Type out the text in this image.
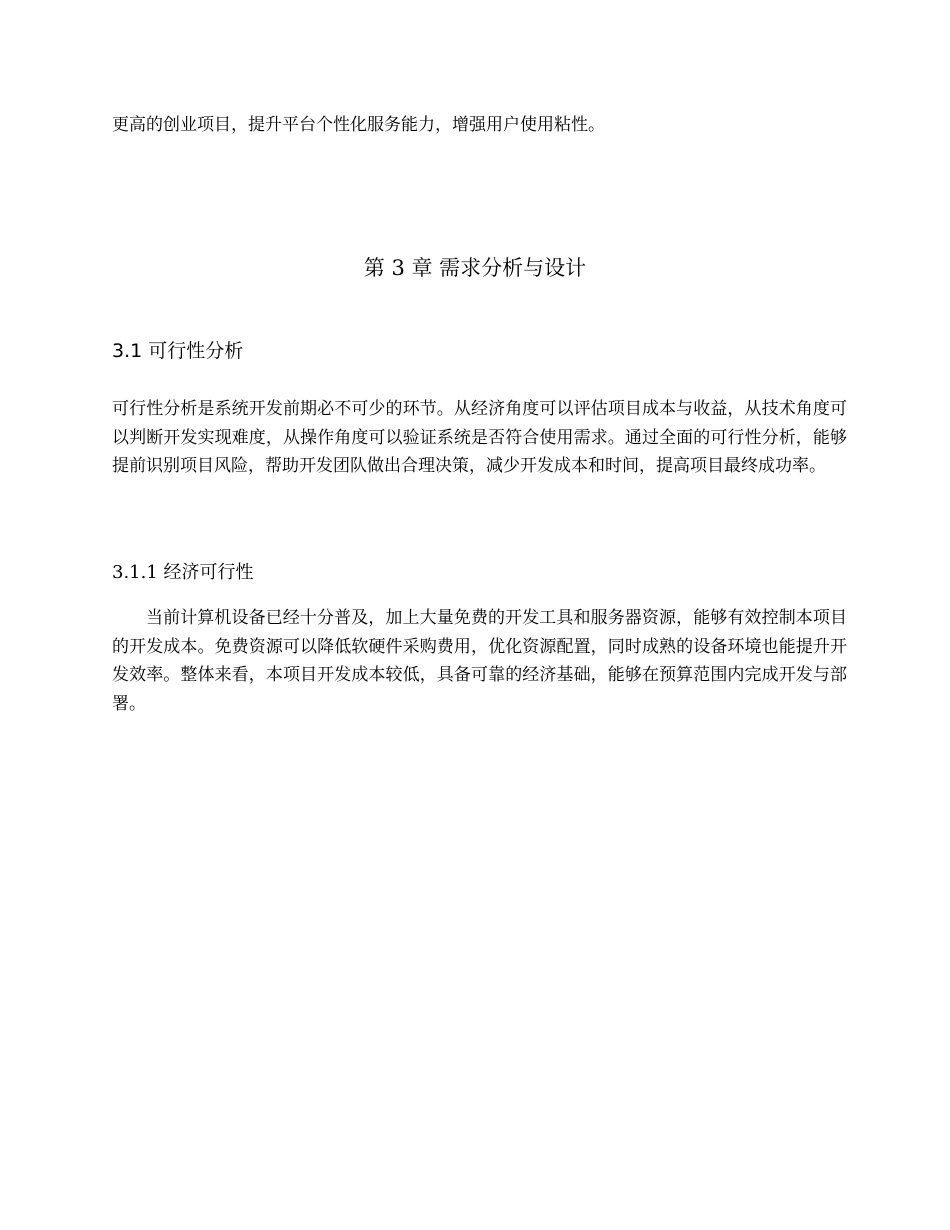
更高的创业项目，提升平台个性化服务能力，增强用户使用粘性。

第 3 章 需求分析与设计
3.1 可行性分析

可行性分析是系统开发前期必不可少的环节。从经济角度可以评估项目成本与收益，从技术角度可以判断开发实现难度，从操作角度可以验证系统是否符合使用需求。通过全面的可行性分析，能够提前识别项目风险，帮助开发团队做出合理决策，减少开发成本和时间，提高项目最终成功率。

3.1.1 经济可行性

当前计算机设备已经十分普及，加上大量免费的开发工具和服务器资源，能够有效控制本项目的开发成本。免费资源可以降低软硬件采购费用，优化资源配置，同时成熟的设备环境也能提升开发效率。整体来看，本项目开发成本较低，具备可靠的经济基础，能够在预算范围内完成开发与部署。
